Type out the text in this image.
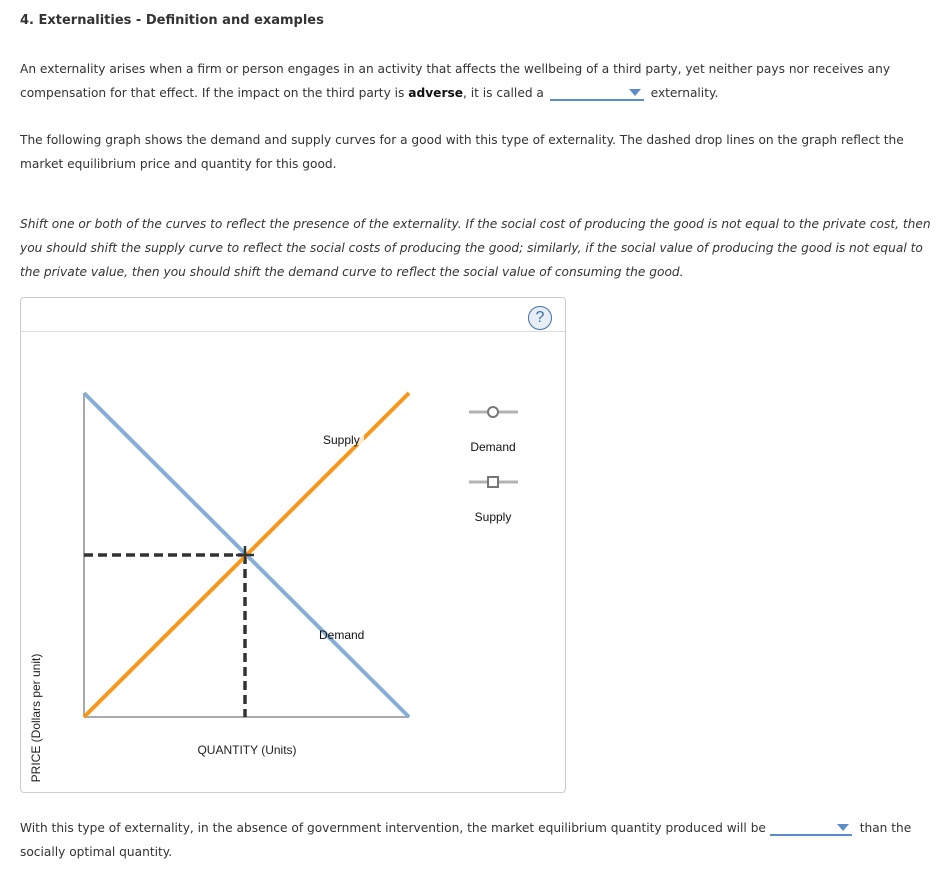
4. Externalities - Definition and examples
An externality arises when a firm or person engages in an activity that affects the wellbeing of a third party, yet neither pays nor receives any
compensation for that effect. If the impact on the third party is adverse, it is called a	externality.
The following graph shows the demand and supply curves for a good with this type of externality. The dashed drop lines on the graph reflect the
market equilibrium price and quantity for this good.
Shift one or both of the curves to reflect the presence of the externality. If the social cost of producing the good is not equal to the private cost, then
you should shift the supply curve to reflect the social costs of producing the good; similarly, if the social value of producing the good is not equal to
the private value, then you should shift the demand curve to reflect the social value of consuming the good.
?
PRICE (Dollars per unit)
Supply
Demand
QUANTITY (Units)
Demand
Supply
With this type of externality, in the absence of government intervention, the market equilibrium quantity produced will be	than the
socially optimal quantity.
